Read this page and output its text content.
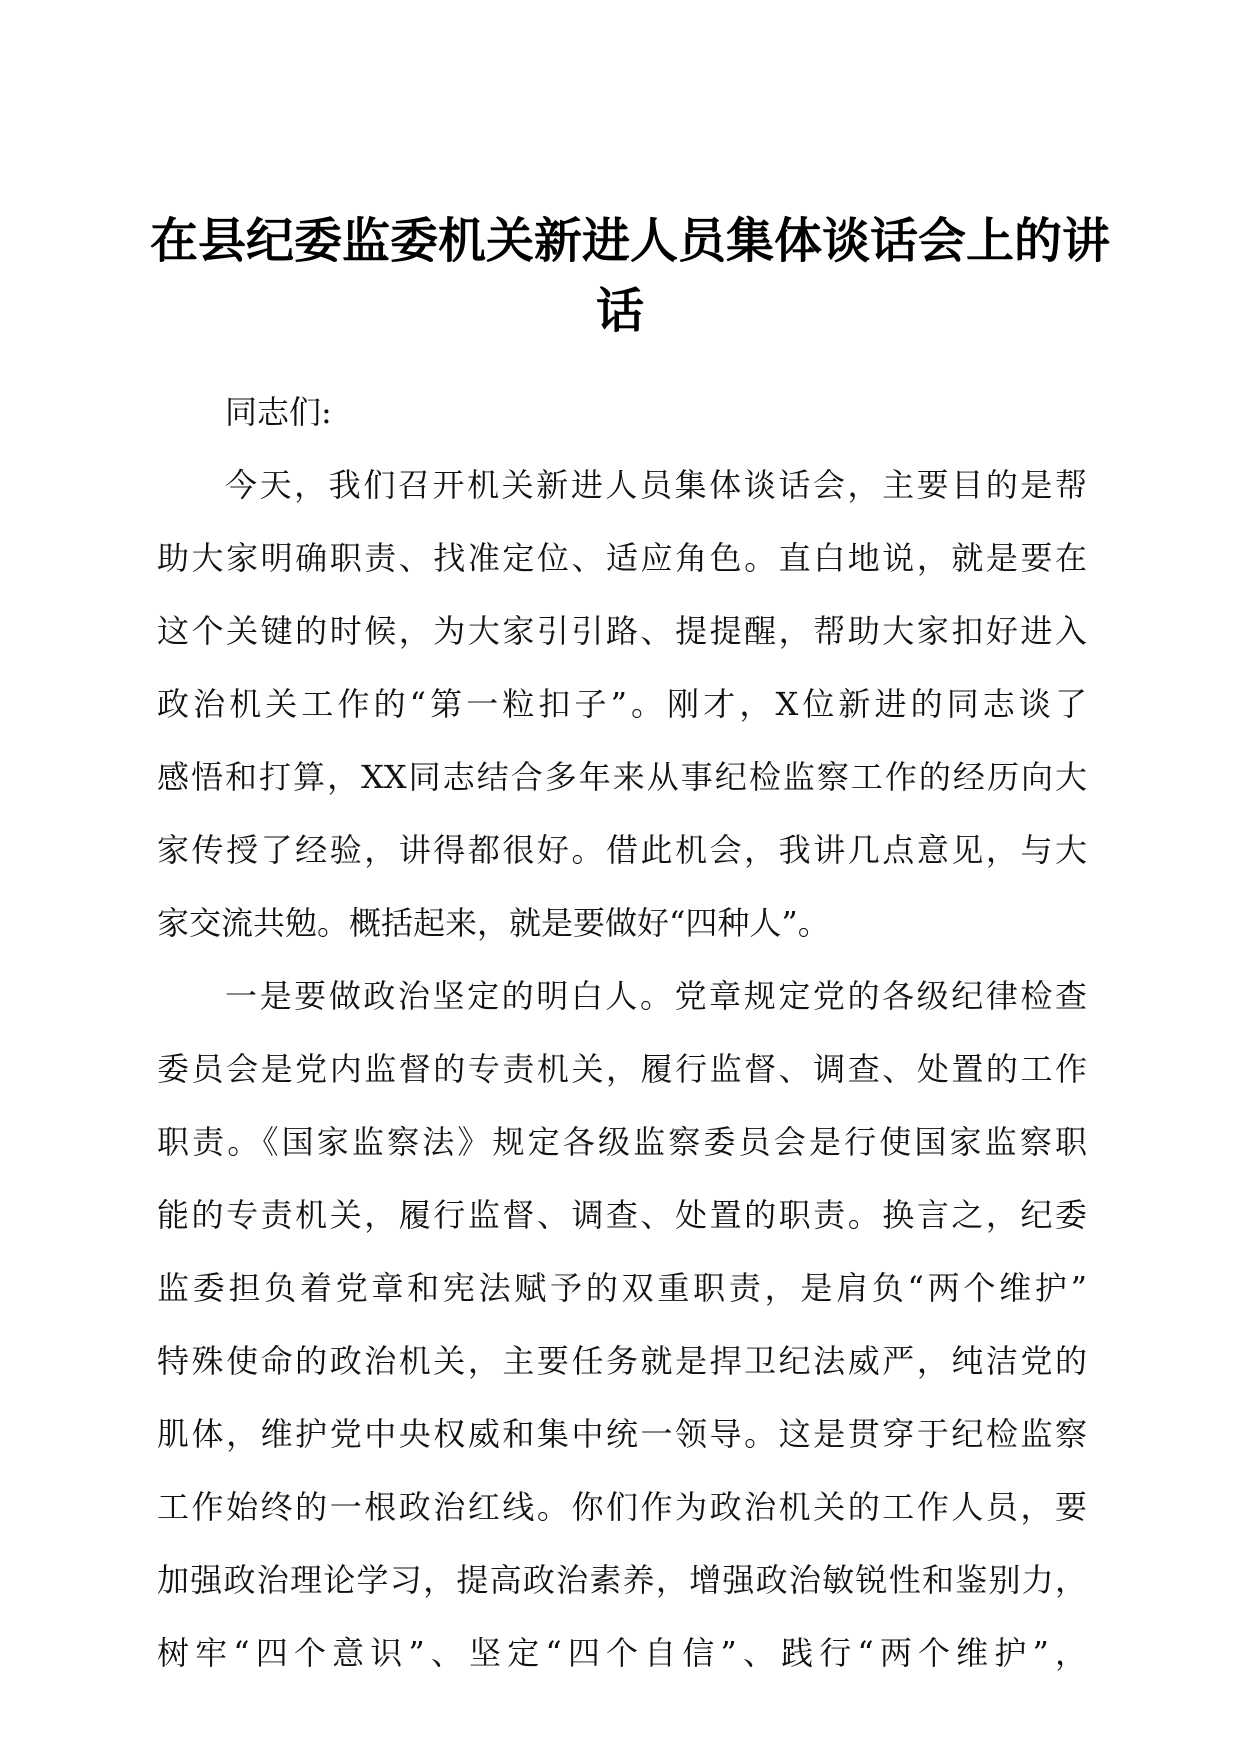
在县纪委监委机关新进人员集体谈话会上的讲
话
同志们:
今天，我们召开机关新进人员集体谈话会，主要目的是帮
助大家明确职责、找准定位、适应角色。直白地说，就是要在
这个关键的时候，为大家引引路、提提醒，帮助大家扣好进入
政治机关工作的“第一粒扣子”。刚才，X位新进的同志谈了
感悟和打算，XX同志结合多年来从事纪检监察工作的经历向大
家传授了经验，讲得都很好。借此机会，我讲几点意见，与大
家交流共勉。概括起来，就是要做好“四种人”。
一是要做政治坚定的明白人。党章规定党的各级纪律检查
委员会是党内监督的专责机关，履行监督、调查、处置的工作
职责。《国家监察法》规定各级监察委员会是行使国家监察职
能的专责机关，履行监督、调查、处置的职责。换言之，纪委
监委担负着党章和宪法赋予的双重职责，是肩负“两个维护”
特殊使命的政治机关，主要任务就是捍卫纪法威严，纯洁党的
肌体，维护党中央权威和集中统一领导。这是贯穿于纪检监察
工作始终的一根政治红线。你们作为政治机关的工作人员，要
加强政治理论学习，提高政治素养，增强政治敏锐性和鉴别力，
树牢“四个意识”、坚定“四个自信”、践行“两个维护”，
